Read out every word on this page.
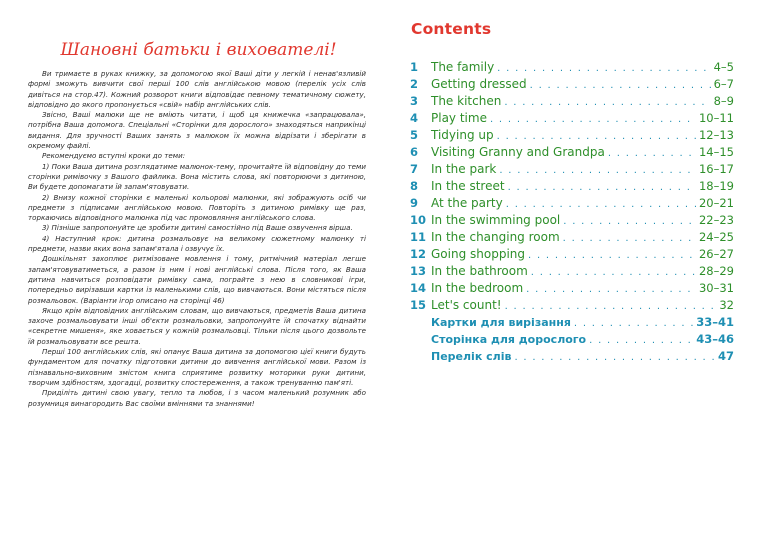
Шановні батьки і вихователі!

Ви тримаєте в руках книжку, за допомогою якої Ваші діти у легкій і ненав'язливій формі зможуть вивчити свої перші 100 слів англійською мовою (перелік усіх слів дивіться на стор.47). Кожний розворот книги відповідає певному тематичному сюжету, відповідно до якого пропонується «свій» набір англійських слів.

Звісно, Ваші малюки ще не вміють читати, і щоб ця книжечка «запрацювала», потрібна Ваша допомога. Спеціальні «Сторінки для дорослого» знаходяться наприкінці видання. Для зручності Ваших занять з малюком їх можна відрізати і зберігати в окремому файлі.

Рекомендуємо вступні кроки до теми:

1) Поки Ваша дитина розглядатиме малюнок-тему, прочитайте їй відповідну до теми сторінки римівочку з Вашого файлика. Вона містить слова, які повторюючи з дитиною, Ви будете допомагати їй запам'ятовувати.

2) Внизу кожної сторінки є маленькі кольорові малюнки, які зображують осіб чи предмети з підписами англійською мовою. Повторіть з дитиною римівку ще раз, торкаючись відповідного малюнка під час промовляння англійського слова.

3) Пізніше запропонуйте це зробити дитині самостійно під Ваше озвучення вірша.

4) Наступний крок: дитина розмальовує на великому сюжетному малюнку ті предмети, назви яких вона запам'ятала і озвучує їх.

Дошкільнят захоплює ритмізоване мовлення і тому, ритмічний матеріал легше запам'ятовуватиметься, а разом із ним і нові англійські слова. Після того, як Ваша дитина навчиться розповідати римівку сама, пограйте з нею в словникові ігри, попередньо вирізавши картки із маленькими слів, що вивчаються. Вони містяться після розмальовок. (Варіанти ігор описано на сторінці 46)

Якщо крім відповідних англійським словам, що вивчаються, предметів Ваша дитина захоче розмальовувати інші об'єкти розмальовки, запропонуйте їй спочатку віднайти «секретне мишеня», яке ховається у кожній розмальовці. Тільки після цього дозвольте їй розмальовувати все решта.

Перші 100 англійських слів, які опанує Ваша дитина за допомогою цієї книги будуть фундаментом для початку підготовки дитини до вивчення англійської мови. Разом із пізнавально-виховним змістом книга сприятиме розвитку моторики руки дитини, творчим здібностям, здогадці, розвитку спостереження, а також тренуванню пам'яті.

Приділіть дитині свою увагу, тепло та любов, і з часом маленький розумник або розумниця винагородить Вас своїми вміннями та знаннями!

Contents
1	The family . . .	4–5
2	Getting dressed . . .	6–7
3	The kitchen . . .	8–9
4	Play time . . .	10–11
5	Tidying up . . .	12–13
6	Visiting Granny and Grandpa . . .	14–15
7	In the park . . .	16–17
8	In the street . . .	18–19
9	At the party . . .	20–21
10 In the swimming pool . . .	22–23
11 In the changing room . . .	24–25
12 Going shopping . . .	26–27
13 In the bathroom . . .	28–29
14 In the bedroom . . .	30–31
15 Let's count! . . .	32
Картки для вирізання . . .	33–41
Сторінка для дорослого . . .	43–46
Перелік слів . . .	47
